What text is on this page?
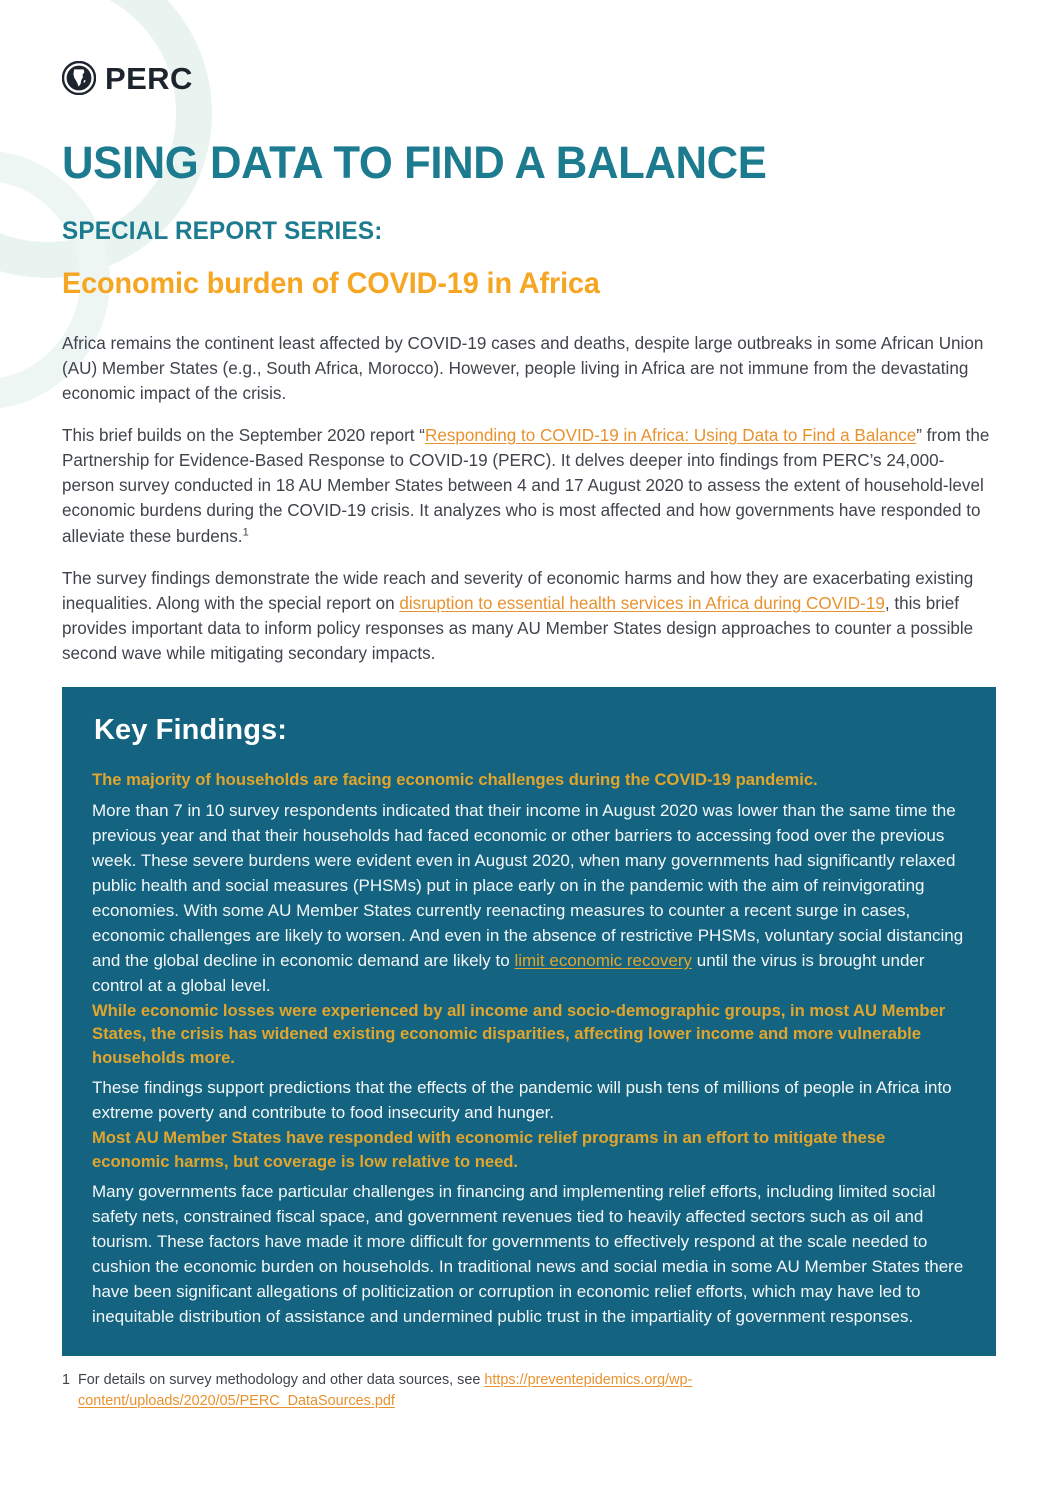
PERC
USING DATA TO FIND A BALANCE
SPECIAL REPORT SERIES:
Economic burden of COVID-19 in Africa

Africa remains the continent least affected by COVID-19 cases and deaths, despite large outbreaks in some African Union (AU) Member States (e.g., South Africa, Morocco). However, people living in Africa are not immune from the devastating economic impact of the crisis.

This brief builds on the September 2020 report “Responding to COVID-19 in Africa: Using Data to Find a Balance” from the Partnership for Evidence-Based Response to COVID-19 (PERC). It delves deeper into findings from PERC’s 24,000-person survey conducted in 18 AU Member States between 4 and 17 August 2020 to assess the extent of household-level economic burdens during the COVID-19 crisis. It analyzes who is most affected and how governments have responded to alleviate these burdens.$^1$

The survey findings demonstrate the wide reach and severity of economic harms and how they are exacerbating existing inequalities. Along with the special report on disruption to essential health services in Africa during COVID-19, this brief provides important data to inform policy responses as many AU Member States design approaches to counter a possible second wave while mitigating secondary impacts.

Key Findings:

The majority of households are facing economic challenges during the COVID-19 pandemic.

More than 7 in 10 survey respondents indicated that their income in August 2020 was lower than the same time the previous year and that their households had faced economic or other barriers to accessing food over the previous week. These severe burdens were evident even in August 2020, when many governments had significantly relaxed public health and social measures (PHSMs) put in place early on in the pandemic with the aim of reinvigorating economies. With some AU Member States currently reenacting measures to counter a recent surge in cases, economic challenges are likely to worsen. And even in the absence of restrictive PHSMs, voluntary social distancing and the global decline in economic demand are likely to limit economic recovery until the virus is brought under control at a global level.

While economic losses were experienced by all income and socio-demographic groups, in most AU Member States, the crisis has widened existing economic disparities, affecting lower income and more vulnerable households more.

These findings support predictions that the effects of the pandemic will push tens of millions of people in Africa into extreme poverty and contribute to food insecurity and hunger.

Most AU Member States have responded with economic relief programs in an effort to mitigate these economic harms, but coverage is low relative to need.

Many governments face particular challenges in financing and implementing relief efforts, including limited social safety nets, constrained fiscal space, and government revenues tied to heavily affected sectors such as oil and tourism. These factors have made it more difficult for governments to effectively respond at the scale needed to cushion the economic burden on households. In traditional news and social media in some AU Member States there have been significant allegations of politicization or corruption in economic relief efforts, which may have led to inequitable distribution of assistance and undermined public trust in the impartiality of government responses.

1 For details on survey methodology and other data sources, see https://preventepidemics.org/wp-content/uploads/2020/05/PERC_DataSources.pdf
